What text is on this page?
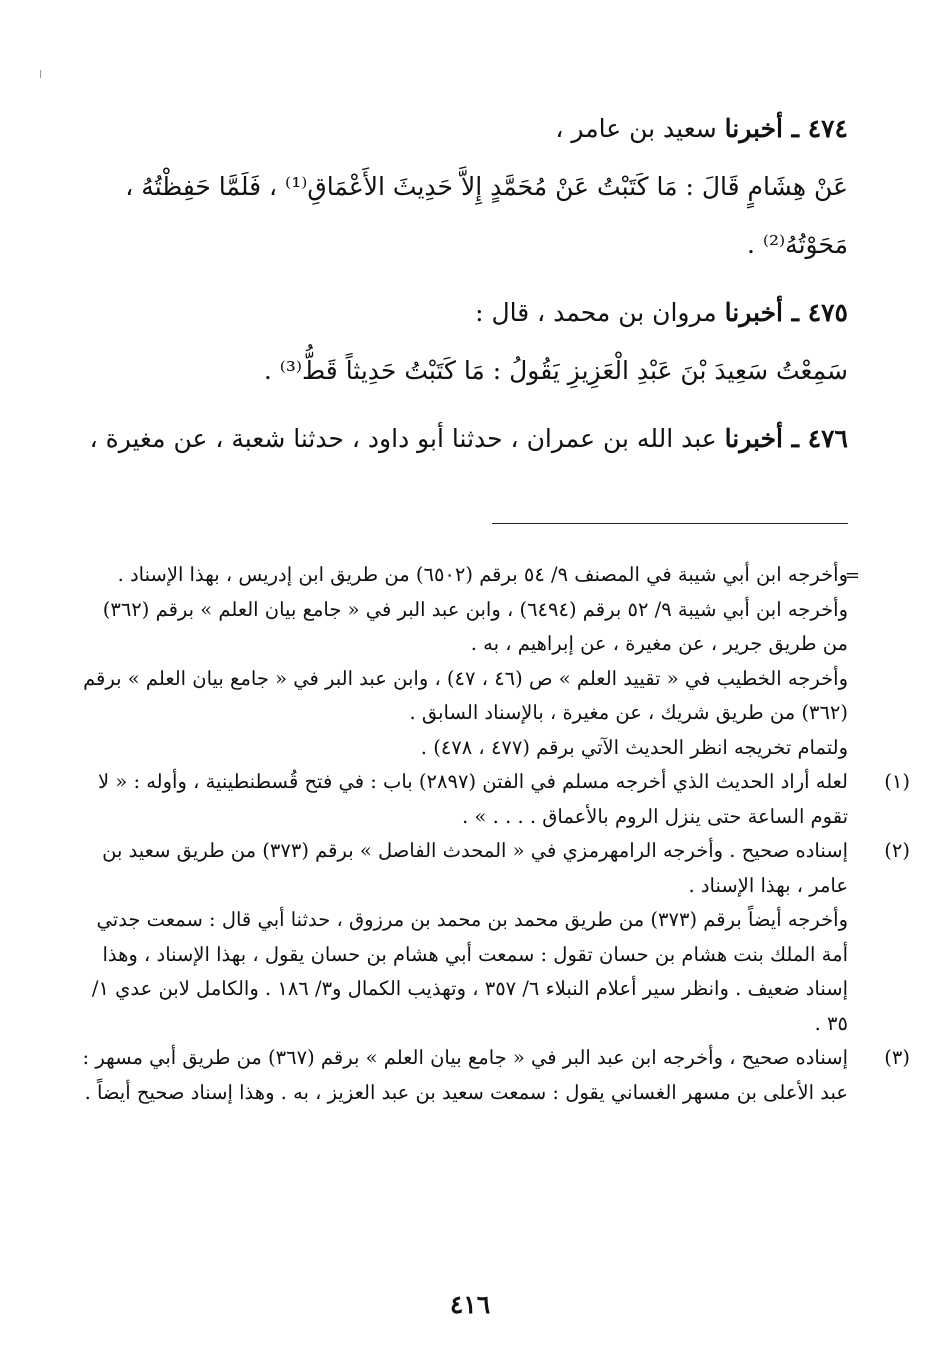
٤٧٤ ـ أخبرنا سعيد بن عامر ،
عَنْ هِشَامٍ قَالَ : مَا كَتَبْتُ عَنْ مُحَمَّدٍ إِلاَّ حَدِيثَ الأَعْمَاقِ⁽¹⁾ ، فَلَمَّا حَفِظْتُهُ ، مَحَوْتُهُ⁽²⁾ .

٤٧٥ ـ أخبرنا مروان بن محمد ، قال :
سَمِعْتُ سَعِيدَ بْنَ عَبْدِ الْعَزِيزِ يَقُولُ : مَا كَتَبْتُ حَدِيثاً قَطُّ⁽³⁾ .

٤٧٦ ـ أخبرنا عبد الله بن عمران ، حدثنا أبو داود ، حدثنا شعبة ، عن مغيرة ،

=

وأخرجه ابن أبي شيبة في المصنف ٩/ ٥٤ برقم (٦٥٠٢) من طريق ابن إدريس ، بهذا الإسناد .

وأخرجه ابن أبي شيبة ٩/ ٥٢ برقم (٦٤٩٤) ، وابن عبد البر في « جامع بيان العلم » برقم (٣٦٢) من طريق جرير ، عن مغيرة ، عن إبراهيم ، به .

وأخرجه الخطيب في « تقييد العلم » ص (٤٦ ، ٤٧) ، وابن عبد البر في « جامع بيان العلم » برقم (٣٦٢) من طريق شريك ، عن مغيرة ، بالإسناد السابق .

ولتمام تخريجه انظر الحديث الآتي برقم (٤٧٧ ، ٤٧٨) .

(١)

لعله أراد الحديث الذي أخرجه مسلم في الفتن (٢٨٩٧) باب : في فتح قُسطنطينية ، وأوله : « لا تقوم الساعة حتى ينزل الروم بالأعماق . . . . » .

(٢)

إسناده صحيح . وأخرجه الرامهرمزي في « المحدث الفاصل » برقم (٣٧٣) من طريق سعيد بن عامر ، بهذا الإسناد .

وأخرجه أيضاً برقم (٣٧٣) من طريق محمد بن محمد بن مرزوق ، حدثنا أبي قال : سمعت جدتي أمة الملك بنت هشام بن حسان تقول : سمعت أبي هشام بن حسان يقول ، بهذا الإسناد ، وهذا إسناد ضعيف . وانظر سير أعلام النبلاء ٦/ ٣٥٧ ، وتهذيب الكمال و٣/ ١٨٦ . والكامل لابن عدي ١/ ٣٥ .

(٣)

إسناده صحيح ، وأخرجه ابن عبد البر في « جامع بيان العلم » برقم (٣٦٧) من طريق أبي مسهر : عبد الأعلى بن مسهر الغساني يقول : سمعت سعيد بن عبد العزيز ، به . وهذا إسناد صحيح أيضاً .

٤١٦
